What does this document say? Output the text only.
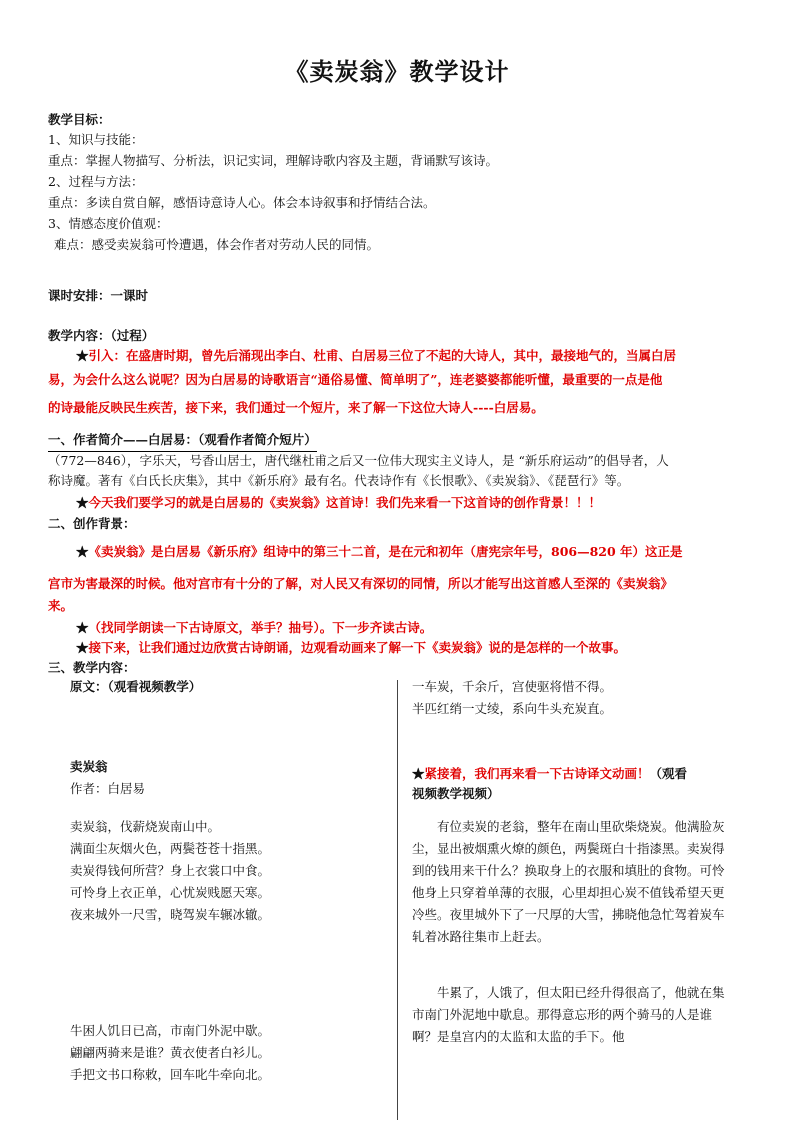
《卖炭翁》教学设计
教学目标：
1、知识与技能：
重点：掌握人物描写、分析法，识记实词，理解诗歌内容及主题，背诵默写该诗。
2、过程与方法：
重点：多读自赏自解，感悟诗意诗人心。体会本诗叙事和抒情结合法。
3、情感态度价值观：
难点：感受卖炭翁可怜遭遇，体会作者对劳动人民的同情。
课时安排：一课时
教学内容：（过程）
★引入：在盛唐时期，曾先后涌现出李白、杜甫、白居易三位了不起的大诗人，其中，最接地气的，当属白居
易，为会什么这么说呢？因为白居易的诗歌语言“通俗易懂、简单明了”，连老婆婆都能听懂，最重要的一点是他
的诗最能反映民生疾苦，接下来，我们通过一个短片，来了解一下这位大诗人----白居易。
一、作者简介——白居易：（观看作者简介短片）
（772—846），字乐天，号香山居士，唐代继杜甫之后又一位伟大现实主义诗人，是 “新乐府运动”的倡导者，人
称诗魔。著有《白氏长庆集》，其中《新乐府》最有名。代表诗作有《长恨歌》、《卖炭翁》、《琵琶行》等。
★今天我们要学习的就是白居易的《卖炭翁》这首诗！我们先来看一下这首诗的创作背景！！！
二、创作背景：
★《卖炭翁》是白居易《新乐府》组诗中的第三十二首，是在元和初年（唐宪宗年号，806—820 年）这正是
宫市为害最深的时候。他对宫市有十分的了解，对人民又有深切的同情，所以才能写出这首感人至深的《卖炭翁》
来。
★（找同学朗读一下古诗原文，举手？抽号）。下一步齐读古诗。
★接下来，让我们通过边欣赏古诗朗诵，边观看动画来了解一下《卖炭翁》说的是怎样的一个故事。
三、教学内容：
原文：（观看视频教学）
卖炭翁
作者：白居易
卖炭翁，伐薪烧炭南山中。
满面尘灰烟火色，两鬓苍苍十指黑。
卖炭得钱何所营？身上衣裳口中食。
可怜身上衣正单，心忧炭贱愿天寒。
夜来城外一尺雪，晓驾炭车辗冰辙。
牛困人饥日已高，市南门外泥中歇。
翩翩两骑来是谁？黄衣使者白衫儿。
手把文书口称敕，回车叱牛牵向北。
一车炭，千余斤，宫使驱将惜不得。
半匹红绡一丈绫，系向牛头充炭直。
★紧接着，我们再来看一下古诗译文动画！（观看
视频教学视频）
有位卖炭的老翁，整年在南山里砍柴烧炭。他满脸灰尘，显出被烟熏火燎的颜色，两鬓斑白十指漆黑。卖炭得到的钱用来干什么？换取身上的衣服和填肚的食物。可怜他身上只穿着单薄的衣服，心里却担心炭不值钱希望天更冷些。夜里城外下了一尺厚的大雪，拂晓他急忙驾着炭车轧着冰路往集市上赶去。
牛累了，人饿了，但太阳已经升得很高了，他就在集市南门外泥地中歇息。那得意忘形的两个骑马的人是谁啊？是皇宫内的太监和太监的手下。他
